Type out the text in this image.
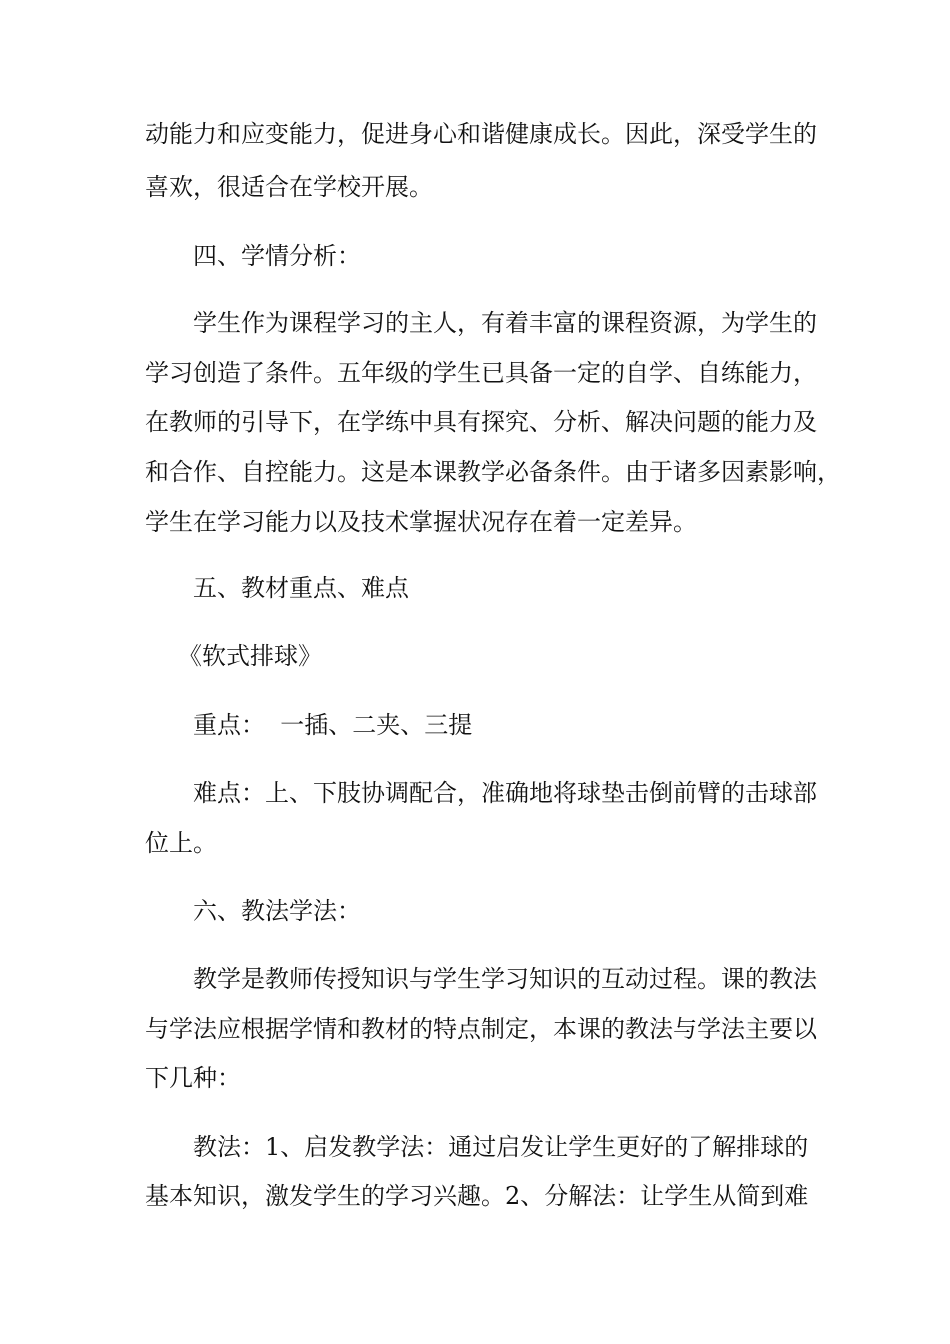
动能力和应变能力，促进身心和谐健康成长。因此，深受学生的
喜欢，很适合在学校开展。
四、学情分析：
学生作为课程学习的主人，有着丰富的课程资源，为学生的
学习创造了条件。五年级的学生已具备一定的自学、自练能力，
在教师的引导下，在学练中具有探究、分析、解决问题的能力及
和合作、自控能力。这是本课教学必备条件。由于诸多因素影响，
学生在学习能力以及技术掌握状况存在着一定差异。
五、教材重点、难点
《软式排球》
重点：  一插、二夹、三提
难点：上、下肢协调配合，准确地将球垫击倒前臂的击球部
位上。
六、教法学法：
教学是教师传授知识与学生学习知识的互动过程。课的教法
与学法应根据学情和教材的特点制定，本课的教法与学法主要以
下几种：
教法：1、启发教学法：通过启发让学生更好的了解排球的
基本知识，激发学生的学习兴趣。2、分解法：让学生从简到难
